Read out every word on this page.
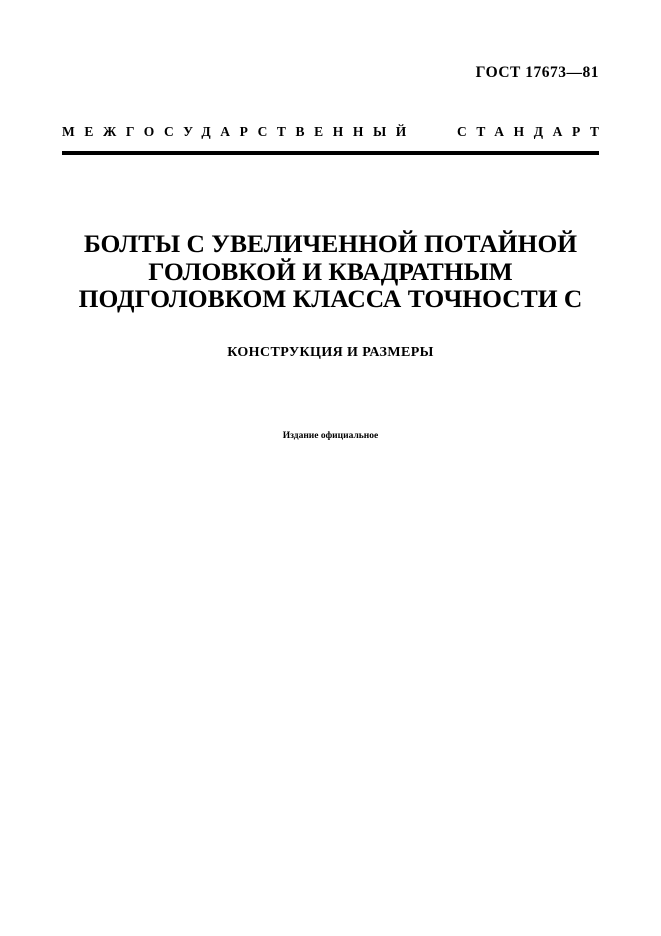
ГОСТ 17673—81
МЕЖГОСУДАРСТВЕННЫЙ	СТАНДАРТ
БОЛТЫ С УВЕЛИЧЕННОЙ ПОТАЙНОЙ
ГОЛОВКОЙ И КВАДРАТНЫМ
ПОДГОЛОВКОМ КЛАССА ТОЧНОСТИ С
КОНСТРУКЦИЯ И РАЗМЕРЫ
Издание официальное
